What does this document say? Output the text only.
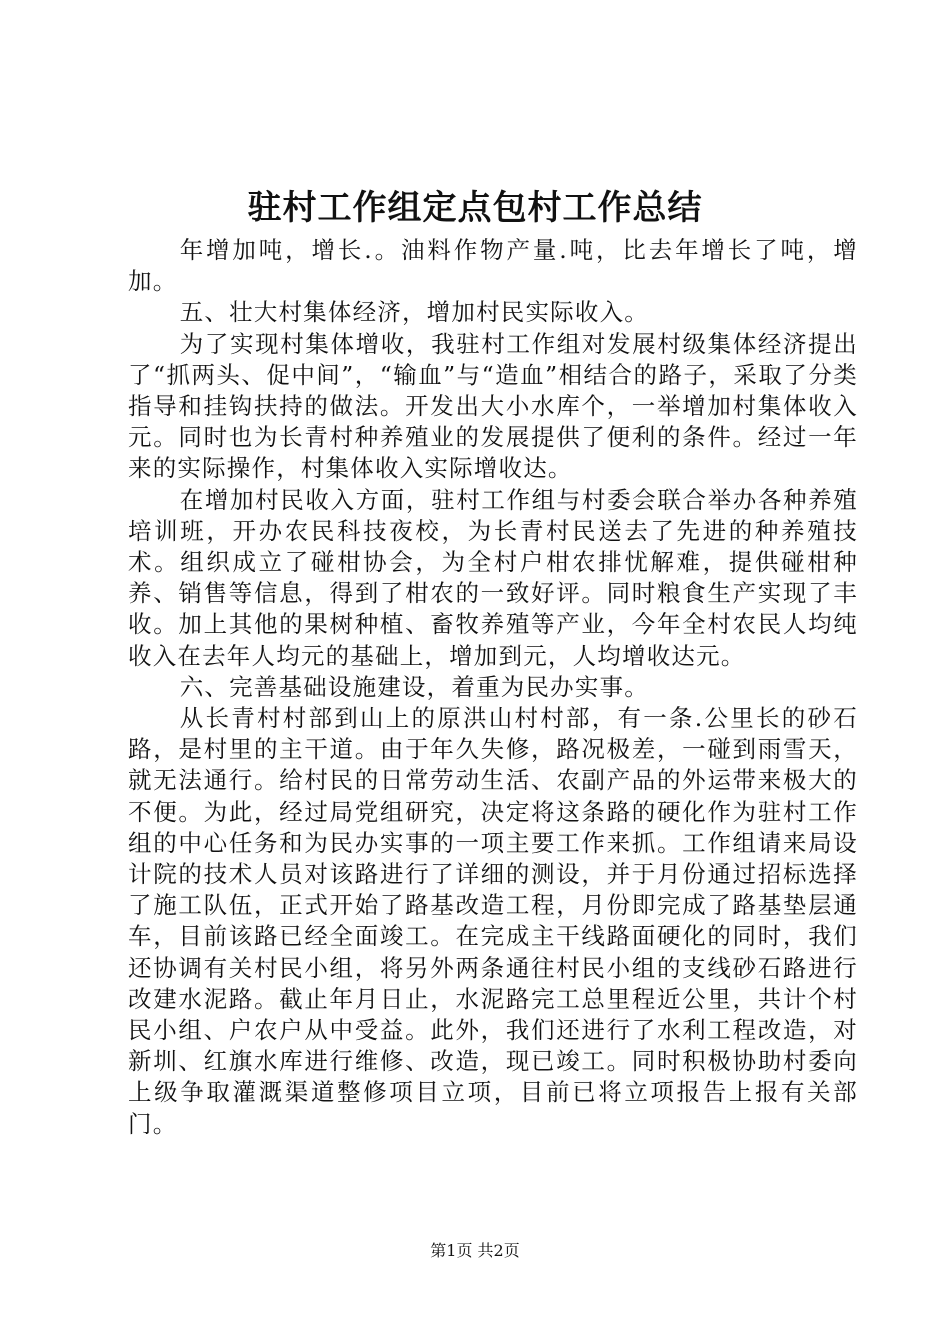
驻村工作组定点包村工作总结

年增加吨，增长.。油料作物产量.吨，比去年增长了吨，增加。

五、壮大村集体经济，增加村民实际收入。

为了实现村集体增收，我驻村工作组对发展村级集体经济提出了“抓两头、促中间”，“输血”与“造血”相结合的路子，采取了分类指导和挂钩扶持的做法。开发出大小水库个，一举增加村集体收入元。同时也为长青村种养殖业的发展提供了便利的条件。经过一年来的实际操作，村集体收入实际增收达。

在增加村民收入方面，驻村工作组与村委会联合举办各种养殖培训班，开办农民科技夜校，为长青村民送去了先进的种养殖技术。组织成立了碰柑协会，为全村户柑农排忧解难，提供碰柑种养、销售等信息，得到了柑农的一致好评。同时粮食生产实现了丰收。加上其他的果树种植、畜牧养殖等产业，今年全村农民人均纯收入在去年人均元的基础上，增加到元，人均增收达元。

六、完善基础设施建设，着重为民办实事。

从长青村村部到山上的原洪山村村部，有一条.公里长的砂石路，是村里的主干道。由于年久失修，路况极差，一碰到雨雪天，就无法通行。给村民的日常劳动生活、农副产品的外运带来极大的不便。为此，经过局党组研究，决定将这条路的硬化作为驻村工作组的中心任务和为民办实事的一项主要工作来抓。工作组请来局设计院的技术人员对该路进行了详细的测设，并于月份通过招标选择了施工队伍，正式开始了路基改造工程，月份即完成了路基垫层通车，目前该路已经全面竣工。在完成主干线路面硬化的同时，我们还协调有关村民小组，将另外两条通往村民小组的支线砂石路进行改建水泥路。截止年月日止，水泥路完工总里程近公里，共计个村民小组、户农户从中受益。此外，我们还进行了水利工程改造，对新圳、红旗水库进行维修、改造，现已竣工。同时积极协助村委向上级争取灌溉渠道整修项目立项，目前已将立项报告上报有关部门。

第1页 共2页
